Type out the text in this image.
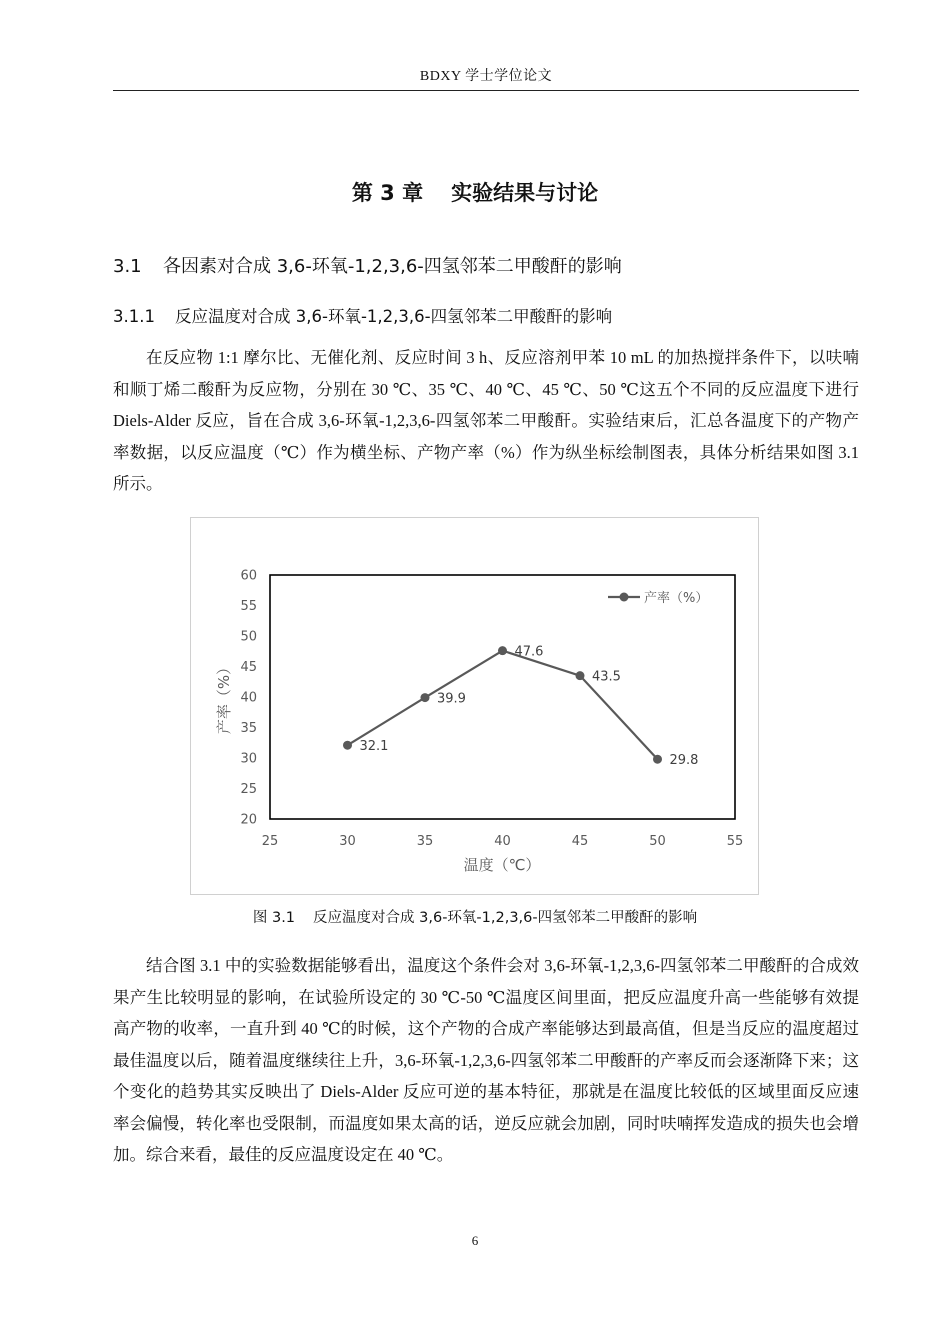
BDXY 学士学位论文
第 3 章 实验结果与讨论
3.1 各因素对合成 3,6-环氧-1,2,3,6-四氢邻苯二甲酸酐的影响
3.1.1 反应温度对合成 3,6-环氧-1,2,3,6-四氢邻苯二甲酸酐的影响
在反应物 1:1 摩尔比、无催化剂、反应时间 3 h、反应溶剂甲苯 10 mL 的加热搅拌条件下，以呋喃和顺丁烯二酸酐为反应物，分别在 30 ℃、35 ℃、40 ℃、45 ℃、50 ℃这五个不同的反应温度下进行 Diels-Alder 反应，旨在合成 3,6-环氧-1,2,3,6-四氢邻苯二甲酸酐。实验结束后，汇总各温度下的产物产率数据，以反应温度（℃）作为横坐标、产物产率（%）作为纵坐标绘制图表，具体分析结果如图 3.1 所示。
20
25
30
35
40
45
50
55
60
25	30	35	40	45	50	55
32.1
39.9
47.6
43.5
29.8
产率（%）
温度（℃）
产率（%）
图 3.1 反应温度对合成 3,6-环氧-1,2,3,6-四氢邻苯二甲酸酐的影响
结合图 3.1 中的实验数据能够看出，温度这个条件会对 3,6-环氧-1,2,3,6-四氢邻苯二甲酸酐的合成效果产生比较明显的影响，在试验所设定的 30 ℃-50 ℃温度区间里面，把反应温度升高一些能够有效提高产物的收率，一直升到 40 ℃的时候，这个产物的合成产率能够达到最高值，但是当反应的温度超过最佳温度以后，随着温度继续往上升，3,6-环氧-1,2,3,6-四氢邻苯二甲酸酐的产率反而会逐渐降下来；这个变化的趋势其实反映出了 Diels-Alder 反应可逆的基本特征，那就是在温度比较低的区域里面反应速率会偏慢，转化率也受限制，而温度如果太高的话，逆反应就会加剧，同时呋喃挥发造成的损失也会增加。综合来看，最佳的反应温度设定在 40 ℃。
6
